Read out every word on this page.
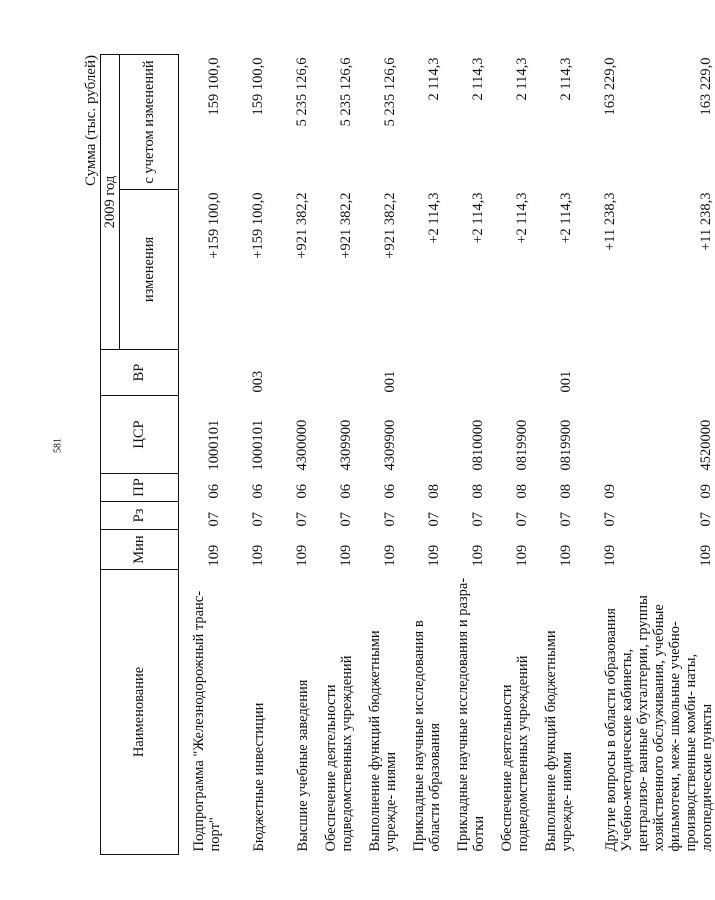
581
Сумма (тыс. рублей)
Наименование	Мин	Рз	ПР	ЦСР	ВР	2009 год	
						изменения	с учетом изменений

Подпрограмма "Железнодорожный транс- порт"	109	07	06	1000101		+159 100,0	159 100,0
Бюджетные инвестиции	109	07	06	1000101	003	+159 100,0	159 100,0
Высшие учебные заведения	109	07	06	4300000		+921 382,2	5 235 126,6
Обеспечение деятельности подведомственных учреждений	109	07	06	4309900		+921 382,2	5 235 126,6
Выполнение функций бюджетными учрежде- ниями	109	07	06	4309900	001	+921 382,2	5 235 126,6
Прикладные научные исследования в области образования	109	07	08			+2 114,3	2 114,3
Прикладные научные исследования и разра- ботки	109	07	08	0810000		+2 114,3	2 114,3
Обеспечение деятельности подведомственных учреждений	109	07	08	0819900		+2 114,3	2 114,3
Выполнение функций бюджетными учрежде- ниями	109	07	08	0819900	001	+2 114,3	2 114,3
Другие вопросы в области образования	109	07	09			+11 238,3	163 229,0
Учебно-методические кабинеты, централизо- ванные бухгалтерии, группы хозяйственного обслуживания, учебные фильмотеки, меж- школьные учебно-производственные комби- наты, логопедические пункты	109	07	09	4520000		+11 238,3	163 229,0
